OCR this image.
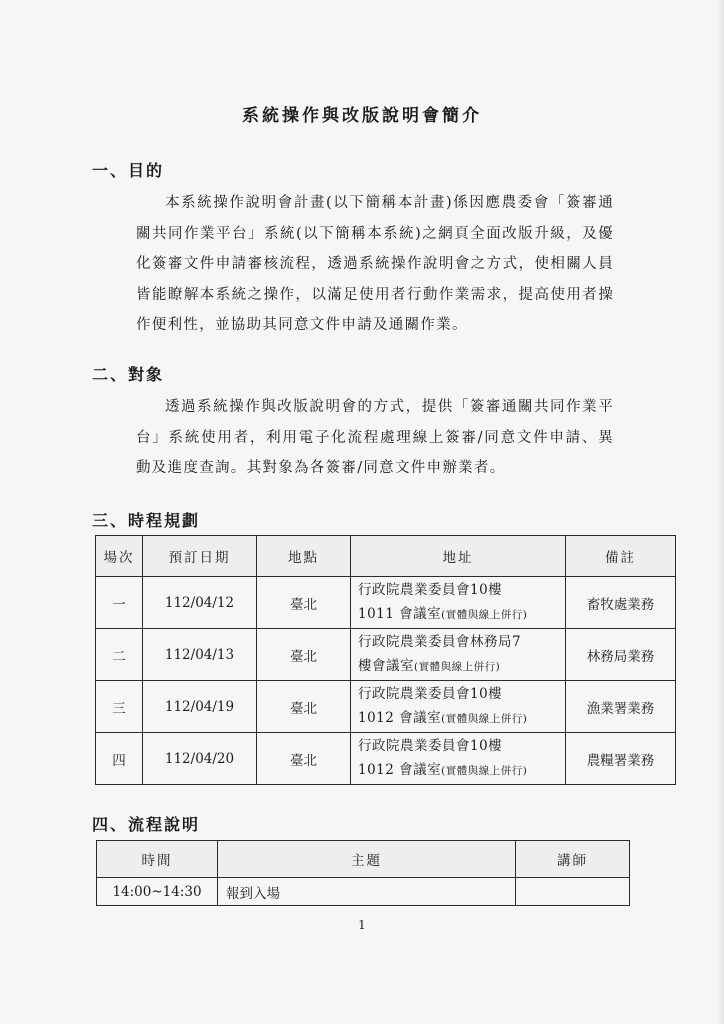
系統操作與改版說明會簡介
一、目的

本系統操作說明會計畫(以下簡稱本計畫)係因應農委會「簽審通關共同作業平台」系統(以下簡稱本系統)之網頁全面改版升級，及優化簽審文件申請審核流程，透過系統操作說明會之方式，使相關人員皆能瞭解本系統之操作，以滿足使用者行動作業需求，提高使用者操作便利性，並協助其同意文件申請及通關作業。

二、對象

透過系統操作與改版說明會的方式，提供「簽審通關共同作業平台」系統使用者，利用電子化流程處理線上簽審/同意文件申請、異動及進度查詢。其對象為各簽審/同意文件申辦業者。

三、時程規劃
場次	預訂日期	地點	地址	備註
一	112/04/12	臺北	行政院農業委員會10樓
1011 會議室(實體與線上併行)	畜牧處業務
二	112/04/13	臺北	行政院農業委員會林務局7
樓會議室(實體與線上併行)	林務局業務
三	112/04/19	臺北	行政院農業委員會10樓
1012 會議室(實體與線上併行)	漁業署業務
四	112/04/20	臺北	行政院農業委員會10樓
1012 會議室(實體與線上併行)	農糧署業務
四、流程說明
時間	主題	講師
14:00~14:30	報到入場	
1
